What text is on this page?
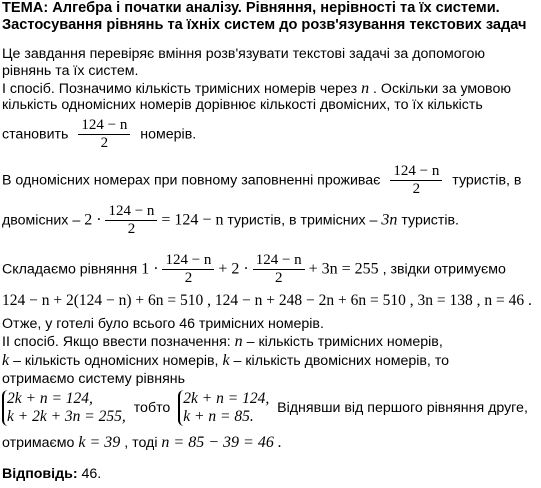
ТЕМА: Алгебра і початки аналізу. Рівняння, нерівності та їх системи.
Застосування рівнянь та їхніх систем до розв'язування текстових задач
Це завдання перевіряє вміння розв'язувати текстові задачі за допомогою
рівнянь та їх систем.
І спосіб. Позначимо кількість тримісних номерів через n . Оскільки за умовою
кількість одномісних номерів дорівнює кількості двомісних, то їх кількість
становить $\frac{124 - n}{2}$ номерів.
В одномісних номерах при повному заповненні проживає $\frac{124 - n}{2}$ туристів, в
двомісних – $2 \cdot \frac{124 - n}{2} = 124 - n$ туристів, в тримісних – 3n туристів.
Складаємо рівняння $1 \cdot \frac{124 - n}{2} + 2 \cdot \frac{124 - n}{2} + 3n = 255$ , звідки отримуємо
124 − n + 2(124 − n) + 6n = 510 , 124 − n + 248 − 2n + 6n = 510 , 3n = 138 , n = 46 .
Отже, у готелі було всього 46 тримісних номерів.
ІІ спосіб. Якщо ввести позначення: n – кількість тримісних номерів,
k – кількість одномісних номерів, k – кількість двомісних номерів, то
отримаємо систему рівнянь
2k + n = 124,
k + 2k + 3n = 255,
тобто
2k + n = 124,
k + n = 85.
Віднявши від першого рівняння друге,
отримаємо k = 39 , тоді n = 85 − 39 = 46 .
Відповідь: 46.
